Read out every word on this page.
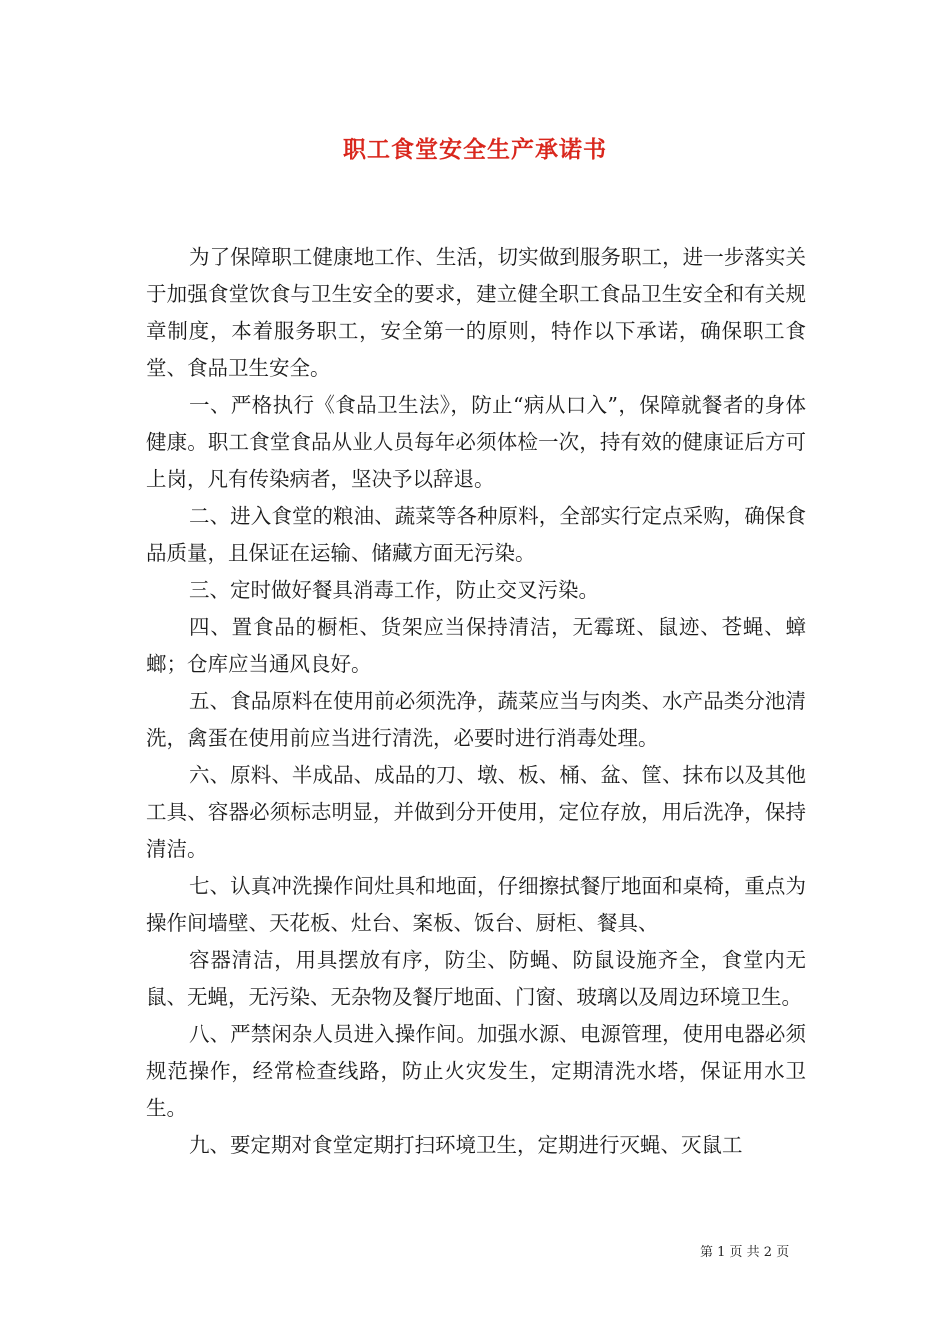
职工食堂安全生产承诺书

为了保障职工健康地工作、生活，切实做到服务职工，进一步落实关于加强食堂饮食与卫生安全的要求，建立健全职工食品卫生安全和有关规章制度，本着服务职工，安全第一的原则，特作以下承诺，确保职工食堂、食品卫生安全。

一、严格执行《食品卫生法》，防止“病从口入”，保障就餐者的身体健康。职工食堂食品从业人员每年必须体检一次，持有效的健康证后方可上岗，凡有传染病者，坚决予以辞退。

二、进入食堂的粮油、蔬菜等各种原料，全部实行定点采购，确保食品质量，且保证在运输、储藏方面无污染。

三、定时做好餐具消毒工作，防止交叉污染。

四、置食品的橱柜、货架应当保持清洁，无霉斑、鼠迹、苍蝇、蟑螂；仓库应当通风良好。

五、食品原料在使用前必须洗净，蔬菜应当与肉类、水产品类分池清洗，禽蛋在使用前应当进行清洗，必要时进行消毒处理。

六、原料、半成品、成品的刀、墩、板、桶、盆、筐、抹布以及其他工具、容器必须标志明显，并做到分开使用，定位存放，用后洗净，保持清洁。

七、认真冲洗操作间灶具和地面，仔细擦拭餐厅地面和桌椅，重点为操作间墙壁、天花板、灶台、案板、饭台、厨柜、餐具、

容器清洁，用具摆放有序，防尘、防蝇、防鼠设施齐全，食堂内无鼠、无蝇，无污染、无杂物及餐厅地面、门窗、玻璃以及周边环境卫生。

八、严禁闲杂人员进入操作间。加强水源、电源管理，使用电器必须规范操作，经常检查线路，防止火灾发生，定期清洗水塔，保证用水卫生。

九、要定期对食堂定期打扫环境卫生，定期进行灭蝇、灭鼠工

第 1 页 共 2 页
